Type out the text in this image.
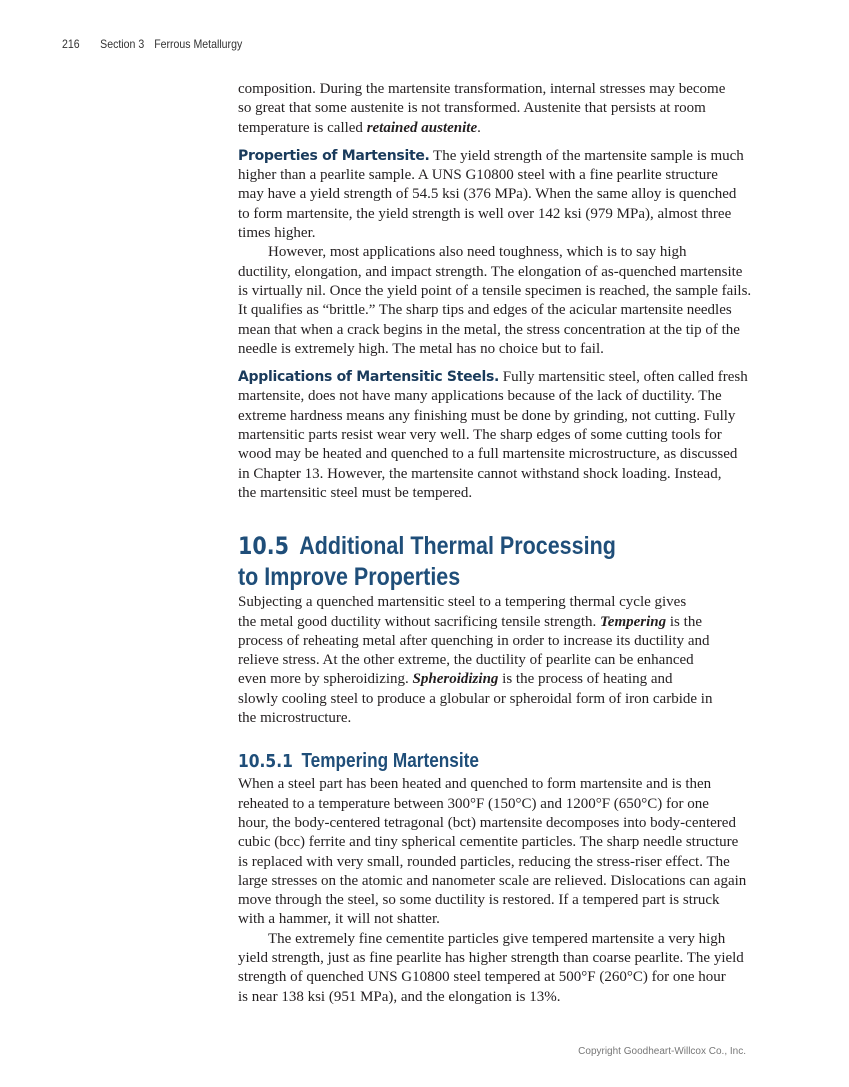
216 Section 3 Ferrous Metallurgy
composition. During the martensite transformation, internal stresses may become
so great that some austenite is not transformed. Austenite that persists at room
temperature is called retained austenite.
Properties of Martensite. The yield strength of the martensite sample is much
higher than a pearlite sample. A UNS G10800 steel with a fine pearlite structure
may have a yield strength of 54.5 ksi (376 MPa). When the same alloy is quenched
to form martensite, the yield strength is well over 142 ksi (979 MPa), almost three
times higher.
However, most applications also need toughness, which is to say high
ductility, elongation, and impact strength. The elongation of as-quenched martensite
is virtually nil. Once the yield point of a tensile specimen is reached, the sample fails.
It qualifies as “brittle.” The sharp tips and edges of the acicular martensite needles
mean that when a crack begins in the metal, the stress concentration at the tip of the
needle is extremely high. The metal has no choice but to fail.
Applications of Martensitic Steels. Fully martensitic steel, often called fresh
martensite, does not have many applications because of the lack of ductility. The
extreme hardness means any finishing must be done by grinding, not cutting. Fully
martensitic parts resist wear very well. The sharp edges of some cutting tools for
wood may be heated and quenched to a full martensite microstructure, as discussed
in Chapter 13. However, the martensite cannot withstand shock loading. Instead,
the martensitic steel must be tempered.
10.5 Additional Thermal Processing
to Improve Properties
Subjecting a quenched martensitic steel to a tempering thermal cycle gives
the metal good ductility without sacrificing tensile strength. Tempering is the
process of reheating metal after quenching in order to increase its ductility and
relieve stress. At the other extreme, the ductility of pearlite can be enhanced
even more by spheroidizing. Spheroidizing is the process of heating and
slowly cooling steel to produce a globular or spheroidal form of iron carbide in
the microstructure.
10.5.1 Tempering Martensite
When a steel part has been heated and quenched to form martensite and is then
reheated to a temperature between 300°F (150°C) and 1200°F (650°C) for one
hour, the body-centered tetragonal (bct) martensite decomposes into body-centered
cubic (bcc) ferrite and tiny spherical cementite particles. The sharp needle structure
is replaced with very small, rounded particles, reducing the stress-riser effect. The
large stresses on the atomic and nanometer scale are relieved. Dislocations can again
move through the steel, so some ductility is restored. If a tempered part is struck
with a hammer, it will not shatter.
The extremely fine cementite particles give tempered martensite a very high
yield strength, just as fine pearlite has higher strength than coarse pearlite. The yield
strength of quenched UNS G10800 steel tempered at 500°F (260°C) for one hour
is near 138 ksi (951 MPa), and the elongation is 13%.
Copyright Goodheart-Willcox Co., Inc.
